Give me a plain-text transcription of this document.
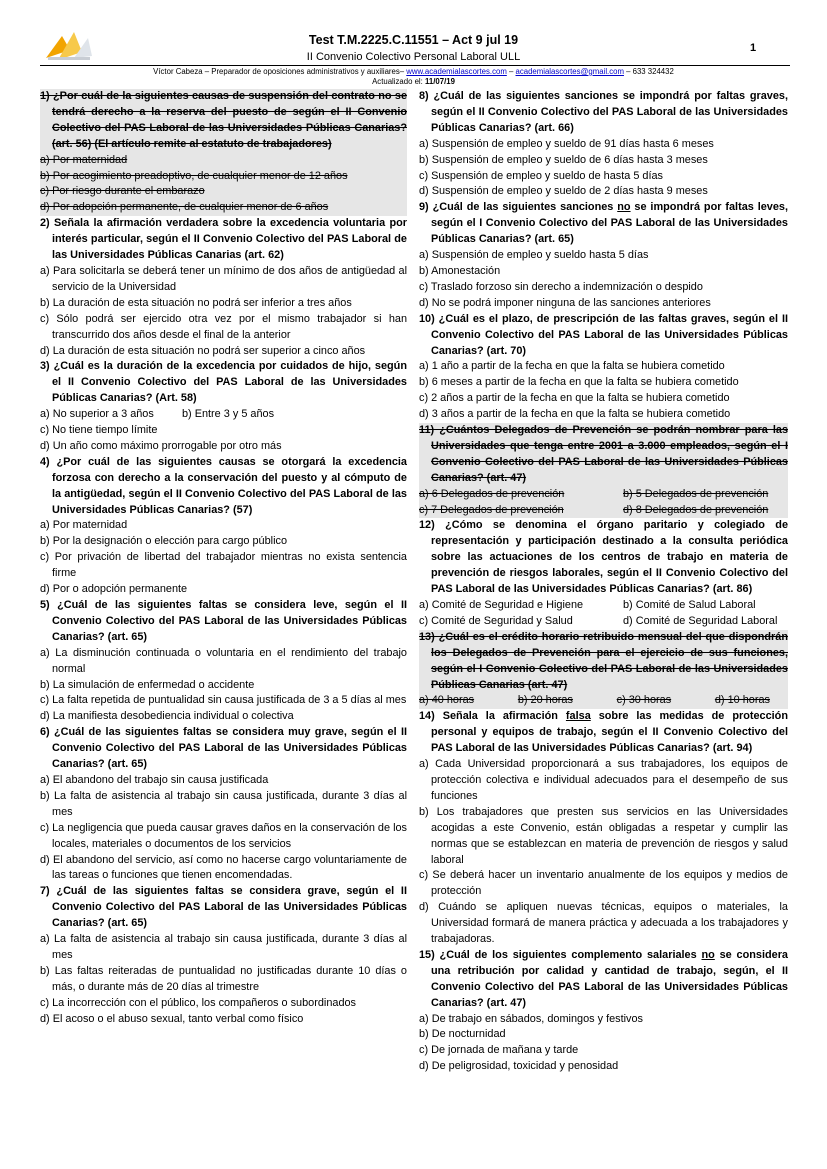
Test T.M.2225.C.11551 – Act 9 jul 19
1
II Convenio Colectivo Personal Laboral ULL
Víctor Cabeza – Preparador de oposiciones administrativos y auxiliares– www.academialascortes.com – academialascortes@gmail.com – 633 324432
Actualizado el: 11/07/19
1) ¿Por cuál de la siguientes causas de suspensión del contrato no se tendrá derecho a la reserva del puesto de según el II Convenio Colectivo del PAS Laboral de las Universidades Públicas Canarias? (art. 56) (El artículo remite al estatuto de trabajadores)
a) Por maternidad
b) Por acogimiento preadoptivo, de cualquier menor de 12 años
c) Por riesgo durante el embarazo
d) Por adopción permanente, de cualquier menor de 6 años
2) Señala la afirmación verdadera sobre la excedencia voluntaria por interés particular, según el II Convenio Colectivo del PAS Laboral de las Universidades Públicas Canarias (art. 62)
a) Para solicitarla se deberá tener un mínimo de dos años de antigüedad al servicio de la Universidad
b) La duración de esta situación no podrá ser inferior a tres años
c) Sólo podrá ser ejercido otra vez por el mismo trabajador si han transcurrido dos años desde el final de la anterior
d) La duración de esta situación no podrá ser superior a cinco años
3) ¿Cuál es la duración de la excedencia por cuidados de hijo, según el II Convenio Colectivo del PAS Laboral de las Universidades Públicas Canarias? (Art. 58)
a) No superior a 3 años	b) Entre 3 y 5 años
c) No tiene tiempo límite
d) Un año como máximo prorrogable por otro más
4) ¿Por cuál de las siguientes causas se otorgará la excedencia forzosa con derecho a la conservación del puesto y al cómputo de la antigüedad, según el II Convenio Colectivo del PAS Laboral de las Universidades Públicas Canarias? (57)
a) Por maternidad
b) Por la designación o elección para cargo público
c) Por privación de libertad del trabajador mientras no exista sentencia firme
d) Por o adopción permanente
5) ¿Cuál de las siguientes faltas se considera leve, según el II Convenio Colectivo del PAS Laboral de las Universidades Públicas Canarias? (art. 65)
a) La disminución continuada o voluntaria en el rendimiento del trabajo normal
b) La simulación de enfermedad o accidente
c) La falta repetida de puntualidad sin causa justificada de 3 a 5 días al mes
d) La manifiesta desobediencia individual o colectiva
6) ¿Cuál de las siguientes faltas se considera muy grave, según el II Convenio Colectivo del PAS Laboral de las Universidades Públicas Canarias? (art. 65)
a) El abandono del trabajo sin causa justificada
b) La falta de asistencia al trabajo sin causa justificada, durante 3 días al mes
c) La negligencia que pueda causar graves daños en la conservación de los locales, materiales o documentos de los servicios
d) El abandono del servicio, así como no hacerse cargo voluntariamente de las tareas o funciones que tienen encomendadas.
7) ¿Cuál de las siguientes faltas se considera grave, según el II Convenio Colectivo del PAS Laboral de las Universidades Públicas Canarias? (art. 65)
a) La falta de asistencia al trabajo sin causa justificada, durante 3 días al mes
b) Las faltas reiteradas de puntualidad no justificadas durante 10 días o más, o durante más de 20 días al trimestre
c) La incorrección con el público, los compañeros o subordinados
d) El acoso o el abuso sexual, tanto verbal como físico
8) ¿Cuál de las siguientes sanciones se impondrá por faltas graves, según el II Convenio Colectivo del PAS Laboral de las Universidades Públicas Canarias? (art. 66)
a) Suspensión de empleo y sueldo de 91 días hasta 6 meses
b) Suspensión de empleo y sueldo de 6 días hasta 3 meses
c) Suspensión de empleo y sueldo de hasta 5 días
d) Suspensión de empleo y sueldo de 2 días hasta 9 meses
9) ¿Cuál de las siguientes sanciones no se impondrá por faltas leves, según el I Convenio Colectivo del PAS Laboral de las Universidades Públicas Canarias? (art. 65)
a) Suspensión de empleo y sueldo hasta 5 días
b) Amonestación
c) Traslado forzoso sin derecho a indemnización o despido
d) No se podrá imponer ninguna de las sanciones anteriores
10) ¿Cuál es el plazo, de prescripción de las faltas graves, según el II Convenio Colectivo del PAS Laboral de las Universidades Públicas Canarias? (art. 70)
a) 1 año a partir de la fecha en que la falta se hubiera cometido
b) 6 meses a partir de la fecha en que la falta se hubiera cometido
c) 2 años a partir de la fecha en que la falta se hubiera cometido
d) 3 años a partir de la fecha en que la falta se hubiera cometido
11) ¿Cuántos Delegados de Prevención se podrán nombrar para las Universidades que tenga entre 2001 a 3.000 empleados, según el I Convenio Colectivo del PAS Laboral de las Universidades Públicas Canarias? (art. 47)
a) 6 Delegados de prevención	b) 5 Delegados de prevención
c) 7 Delegados de prevención	d) 8 Delegados de prevención
12) ¿Cómo se denomina el órgano paritario y colegiado de representación y participación destinado a la consulta periódica sobre las actuaciones de los centros de trabajo en materia de prevención de riesgos laborales, según el II Convenio Colectivo del PAS Laboral de las Universidades Públicas Canarias? (art. 86)
a) Comité de Seguridad e Higiene	b) Comité de Salud Laboral
c) Comité de Seguridad y Salud	d) Comité de Seguridad Laboral
13) ¿Cuál es el crédito horario retribuido mensual del que dispondrán los Delegados de Prevención para el ejercicio de sus funciones, según el I Convenio Colectivo del PAS Laboral de las Universidades Públicas Canarias (art. 47)
a) 40 horas	b) 20 horas	c) 30 horas	d) 10 horas
14) Señala la afirmación falsa sobre las medidas de protección personal y equipos de trabajo, según el II Convenio Colectivo del PAS Laboral de las Universidades Públicas Canarias? (art. 94)
a) Cada Universidad proporcionará a sus trabajadores, los equipos de protección colectiva e individual adecuados para el desempeño de sus funciones
b) Los trabajadores que presten sus servicios en las Universidades acogidas a este Convenio, están obligadas a respetar y cumplir las normas que se establezcan en materia de prevención de riesgos y salud laboral
c) Se deberá hacer un inventario anualmente de los equipos y medios de protección
d) Cuándo se apliquen nuevas técnicas, equipos o materiales, la Universidad formará de manera práctica y adecuada a los trabajadores y trabajadoras.
15) ¿Cuál de los siguientes complemento salariales no se considera una retribución por calidad y cantidad de trabajo, según, el II Convenio Colectivo del PAS Laboral de las Universidades Públicas Canarias? (art. 47)
a) De trabajo en sábados, domingos y festivos
b) De nocturnidad
c) De jornada de mañana y tarde
d) De peligrosidad, toxicidad y penosidad
